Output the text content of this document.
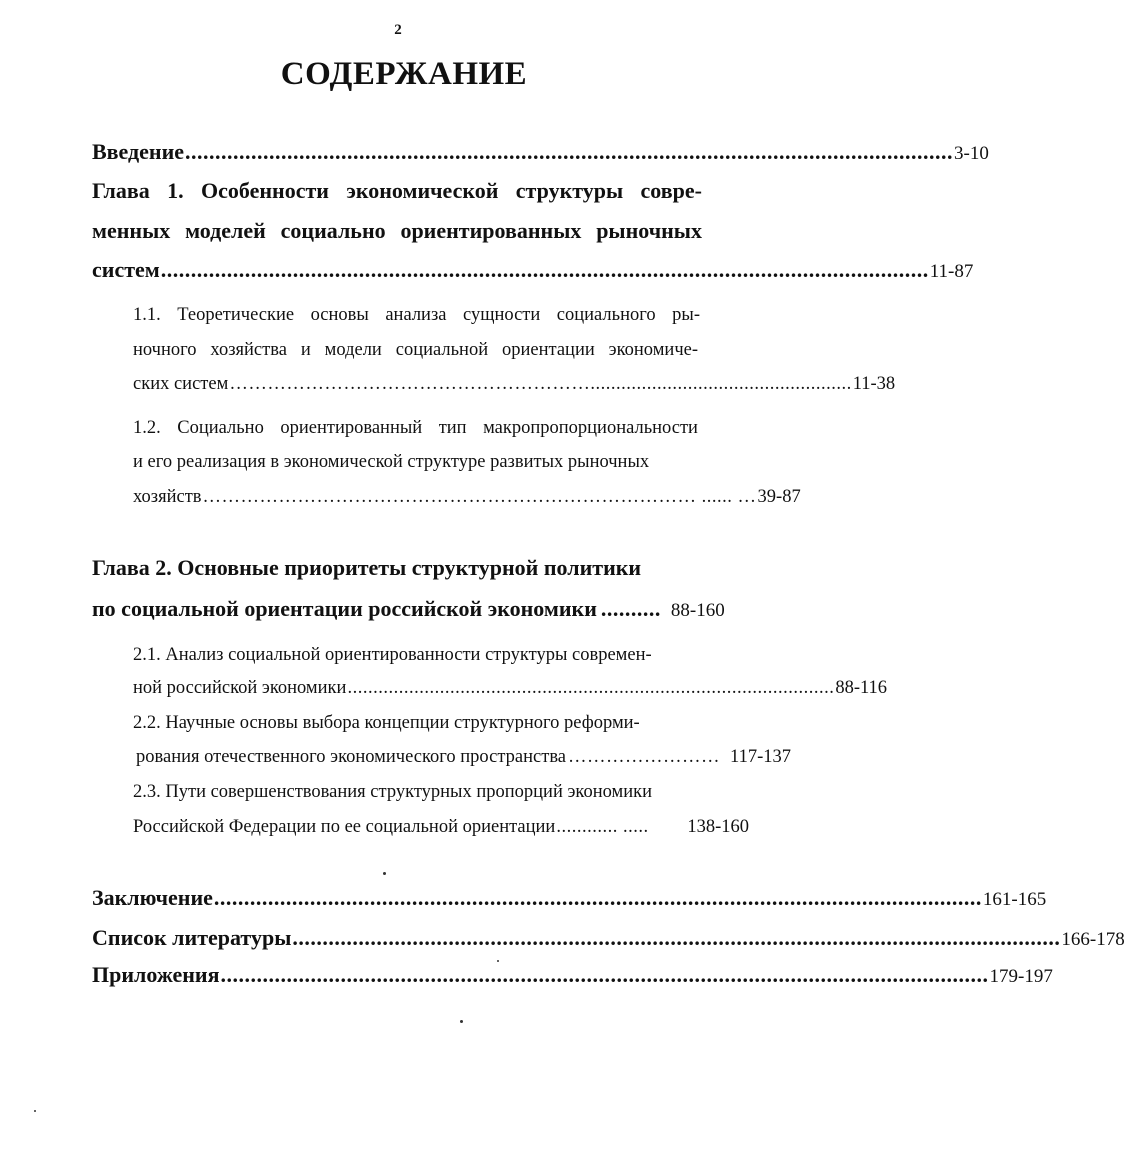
2
СОДЕРЖАНИЕ
Введение ................................................................................................................................ 3-10
Глава 1. Особенности экономической структуры совре-
менных моделей социально ориентированных рыночных
систем ................................................................................................................................ 11-87
1.1. Теоретические основы анализа сущности социального ры-
ночного хозяйства и модели социальной ориентации экономиче-
ских систем …………………………………………………................................................... 11-38
1.2. Социально ориентированный тип макропропорциональности
и его реализация в экономической структуре развитых рыночных
хозяйств …………………………………………………………………… ...... … 39-87
Глава 2. Основные приоритеты структурной политики
по социальной ориентации российской экономики .......... 88-160
2.1. Анализ социальной ориентированности структуры современ-
ной российской экономики ............................................................................................... 88-116
2.2. Научные основы выбора концепции структурного реформи-
рования отечественного экономического пространства …………………… 117-137
2.3. Пути совершенствования структурных пропорций экономики
Российской Федерации по ее социальной ориентации ............ .....	138-160
Заключение ................................................................................................................................ 161-165
Список литературы ................................................................................................................................ 166-178
Приложения ................................................................................................................................ 179-197
